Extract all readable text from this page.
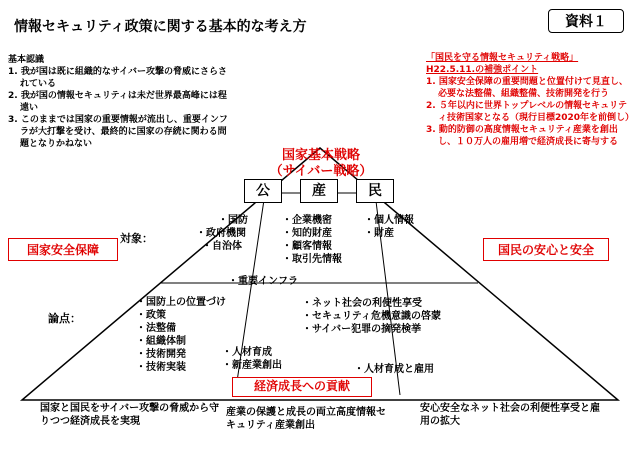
情報セキュリティ政策に関する基本的な考え方	資料１
基本認識
1. 我が国は既に組織的なサイバー攻撃の脅威にさらされている
2. 我が国の情報セキュリティは未だ世界最高峰には程遠い
3. このままでは国家の重要情報が流出し、重要インフラが大打撃を受け、最終的に国家の存続に関わる問題となりかねない
「国民を守る情報セキュリティ戦略」
H22.5.11.の補強ポイント
1. 国家安全保障の重要問題と位置付けて見直し、必要な法整備、組織整備、技術開発を行う
2. ５年以内に世界トップレベルの情報セキュリティ技術国家となる（現行目標2020年を前倒し）
3. 動的防御の高度情報セキュリティ産業を創出し、１０万人の雇用増で経済成長に寄与する
国家基本戦略
（サイバー戦略）
公	産	民
国家安全保障	国民の安心と安全
対象：
論点：
・国防
・政府機関
・自治体
・企業機密
・知的財産
・顧客情報
・取引先情報
・個人情報
・財産
・重要インフラ
・国防上の位置づけ
・政策
・法整備
・組織体制
・技術開発
・技術実装
・人材育成
・新産業創出
・ネット社会の利便性享受
・セキュリティ危機意識の啓蒙
・サイバー犯罪の摘発検挙
・人材育成と雇用
経済成長への貢献
国家と国民をサイバー攻撃の脅威から守りつつ経済成長を実現
産業の保護と成長の両立高度情報セキュリティ産業創出
安心安全なネット社会の利便性享受と雇用の拡大
